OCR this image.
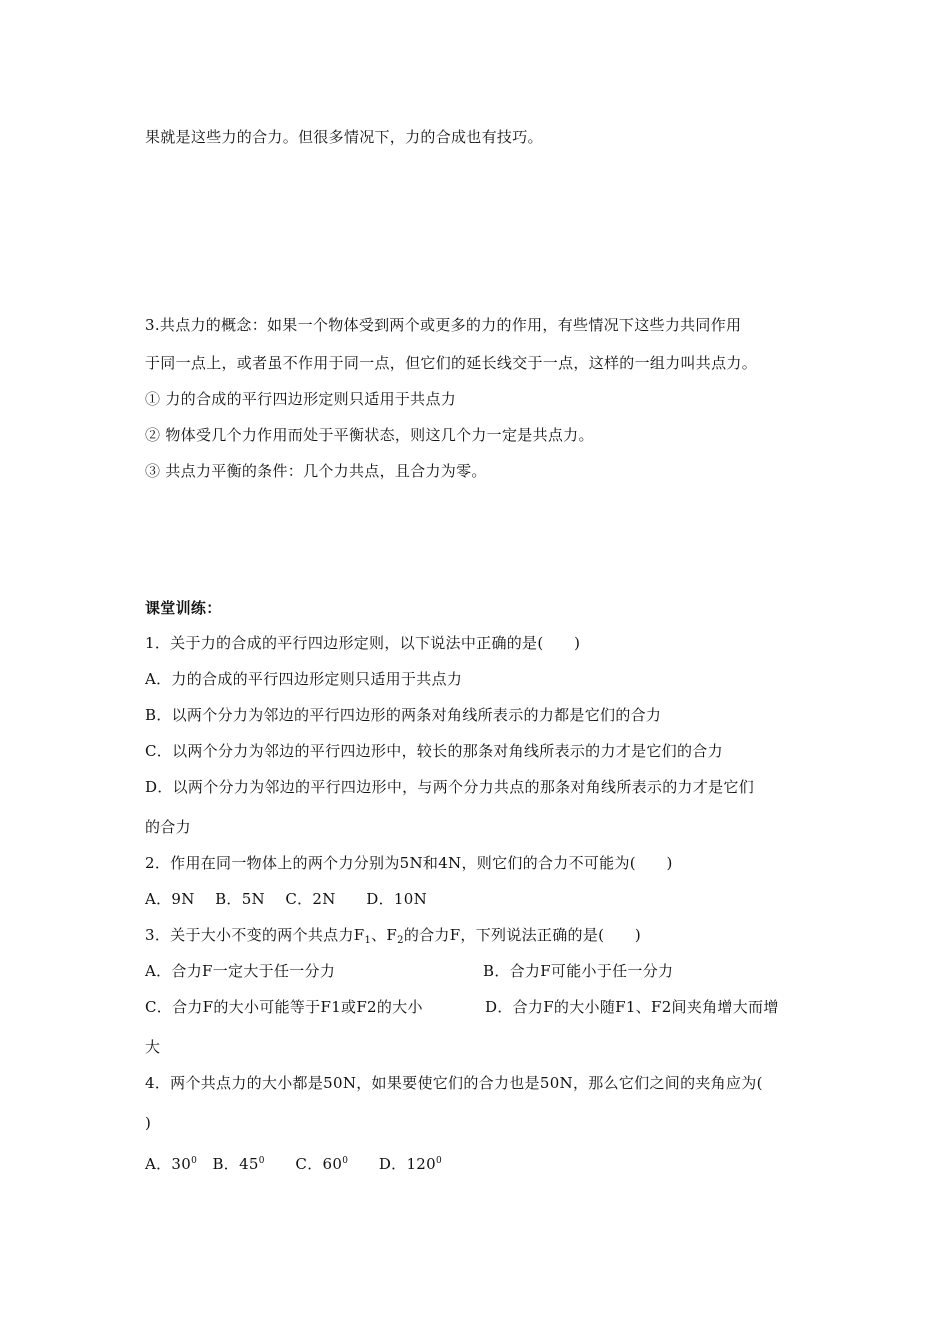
果就是这些力的合力。但很多情况下，力的合成也有技巧。
3.共点力的概念：如果一个物体受到两个或更多的力的作用，有些情况下这些力共同作用
于同一点上，或者虽不作用于同一点，但它们的延长线交于一点，这样的一组力叫共点力。
① 力的合成的平行四边形定则只适用于共点力
② 物体受几个力作用而处于平衡状态，则这几个力一定是共点力。
③ 共点力平衡的条件：几个力共点，且合力为零。
课堂训练：
1．关于力的合成的平行四边形定则，以下说法中正确的是(　　)
A．力的合成的平行四边形定则只适用于共点力
B．以两个分力为邻边的平行四边形的两条对角线所表示的力都是它们的合力
C．以两个分力为邻边的平行四边形中，较长的那条对角线所表示的力才是它们的合力
D．以两个分力为邻边的平行四边形中，与两个分力共点的那条对角线所表示的力才是它们
的合力
2．作用在同一物体上的两个力分别为5N和4N，则它们的合力不可能为(　　)
A．9N　 B．5N　 C．2N　　D．10N
3．关于大小不变的两个共点力$F_1$、$F_2$的合力F，下列说法正确的是(　　)
A．合力F一定大于任一分力	B．合力F可能小于任一分力
C．合力F的大小可能等于F1或F2的大小	D．合力F的大小随F1、F2间夹角增大而增
大
4．两个共点力的大小都是50N，如果要使它们的合力也是50N，那么它们之间的夹角应为(
)
A．$30^0$　B．$45^0$　　C．$60^0$　　D．$120^0$
